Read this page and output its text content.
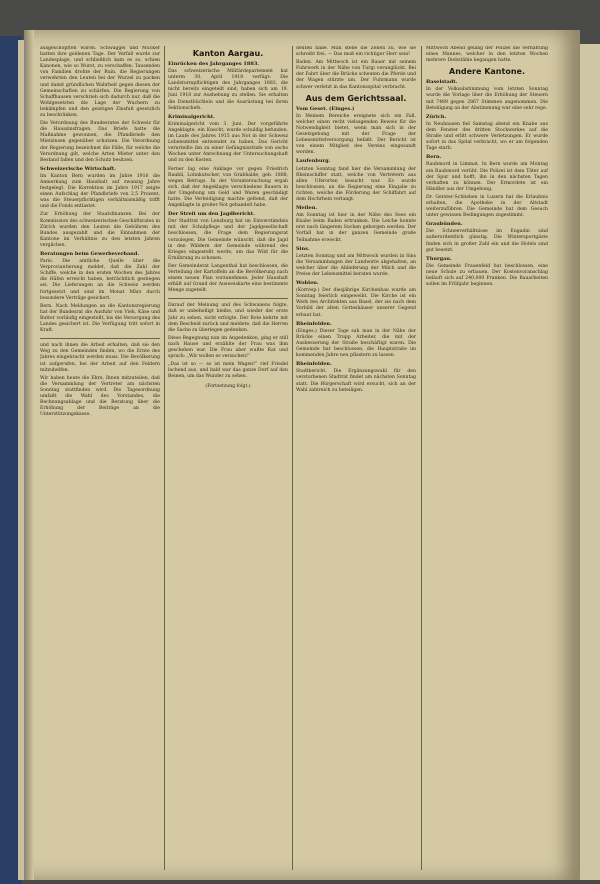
ausgeschöpften waren. Schwaggel und Mucker hatten ihre goldenen Tage. Der Verfall wurde zur Landesplage, und schließlich kam es so, schien Kanonen, wie so Wurst, zu verschaffen. Tausenden von Familien drohte der Ruin, die Regierungen verwehrten den Leuten bei der Wurzel zu packen und damit gründlichen Wahrheit gegen diesen der Gemeinschaften zu schärfen. Die Regierung von Schaffhausen verschrieb sich dadurch nur, daß die Wohlgesetzten die Lage der Wuchern zu bekämpfen und den geistigen Zinsfuß gesetzlich zu beschränken.

Die Verordnung des Bundesrates der Schweiz für die Hauszinsfragen. Das Briefe hatte die Maßnahme gewonnen, die Pfandbriefe den Mietzinsen gegenüber schutzen. Die Verordnung der Regierung bezeichnet die Fälle, für welche die Verordnung gilt, welche Arten Mieter unter den Bestand fallen und den Schutz besitzen.

Schweizerische Wirtschaft.

Im Kanton Bern wurden im Jahre 1916 die Anmerkung zum Haushalt auf zwanzig Jahre festgelegt. Die Korrektion im Jahre 1917 zeigte einen Aufschlag der Pfandbriefe von 2,5 Prozent, was die Steuerpflichtigen verhältnismäßig trifft und die Fonds entlastet.

Zur Erhöhung der Staatsfinanzen. Bei der Kommission des schweizerischen Geschäftsrates in Zürich wurden den Leuten die Gebühren des Bundes ausgezahlt und die Einnahmen der Kantone im Verhältnis zu den letzten Jahren verglichen.

Beratungen beim Gewerbeverband.

Paris. Die amtliche Quelle über die Verproviantierung meldet, daß die Zahl der Schiffe, welche in den ersten Wochen des Jahres die Häfen erreicht haben, beträchtlich gestiegen sei. Die Lieferungen an die Schweiz werden fortgesetzt und sind im Monat März durch besondere Verträge gesichert.

Bern. Nach Meldungen an die Kantonsregierung hat der Bundesrat die Ausfuhr von Vieh, Käse und Butter vorläufig eingestellt, bis die Versorgung des Landes gesichert ist. Die Verfügung tritt sofort in Kraft.

und nach ihnen die Arbeit erhalten, daß sie den Weg zu den Gemeinden finden, wo die Ernte des Jahres eingebracht werden muss. Die Bevölkerung ist aufgerufen, bei der Arbeit auf den Feldern mitzuhelfen.

Wir haben heute die Ehre, Ihnen mitzuteilen, daß die Versammlung der Vertreter am nächsten Sonntag stattfinden wird. Die Tagesordnung umfaßt die Wahl des Vorstandes, die Rechnungsablage und die Beratung über die Erhöhung der Beiträge an die Unterstützungskasse.

Kanton Aargau.

Einrücken des Jahrganges 1883.

Das schweizerische Militärdepartement hat unterm 30. April 1918 verfügt: Die Landsturmpflichtigen des Jahrganges 1883, die nicht bereits eingeteilt sind, haben sich am 19. Juni 1918 zur Aushebung zu stellen. Sie erhalten die Dienstbüchlein und die Ausrüstung bei ihren Sektionschefs.

Kriminalgericht.

Kriminalgericht vom 3. Juni. Der vorgeführte Angeklagte, ein Knecht, wurde schuldig befunden, im Laufe des Jahres 1915 aus Not in der Schweiz Lebensmittel entwendet zu haben. Das Gericht verurteilte ihn zu einer Gefängnisstrafe von sechs Wochen unter Anrechnung der Untersuchungshaft und zu den Kosten.

Ferner lag eine Anklage vor gegen Friedrich Raubli, Lohnkutscher, von Grabhalde, geb. 1888, wegen Betrugs. In der Voruntersuchung ergab sich, daß der Angeklagte verschiedene Bauern in der Umgebung um Geld und Waren geschädigt hatte. Die Verteidigung machte geltend, daß der Angeklagte in großer Not gehandelt habe.

Der Streit um den Jagdbericht.

Der Stadtrat von Lenzburg hat im Einverständnis mit der Schulpflege und der Jagdgesellschaft beschlossen, die Frage dem Regierungsrat vorzulegen. Die Gemeinde wünscht, daß die Jagd in den Wäldern der Gemeinde während des Krieges eingestellt werde, um das Wild für die Ernährung zu schonen.

Der Gemeinderat Langenthal hat beschlossen, die Verteilung der Kartoffeln an die Bevölkerung nach einem neuen Plan vorzunehmen. Jeder Haushalt erhält auf Grund der Ausweiskarte eine bestimmte Menge zugeteilt.

Darauf der Meinung und des Schwanens folgte, daß er unbehelligt bleibe, und wieder der erste Jahr zu sehen, nicht erfolgte. Der Bote kehrte mit dem Bescheid zurück und meldete, daß die Herren die Sache zu überlegen gedenken.

Diese Begegnung nun im Angedenken, ging er still nach Hause und erzählte der Frau was ihm geschehen war. Die Frau aber wußte Rat und sprach: „Wir wollen es versuchen!“

„Das ist so — so ist mein Wagen!“ rief Friedel lachend aus, und bald war das ganze Dorf auf den Beinen, um das Wunder zu sehen.

(Fortsetzung folgt.)

deuten habe. Man stelle die Zeilen zu, wie sie schreibt frei. — Das muß ein richtiger Herr sein!

Baden. Am Mittwoch ist ein Bauer mit seinem Fuhrwerk in der Nähe von Turgi verunglückt. Bei der Fahrt über die Brücke scheuten die Pferde und der Wagen stürzte um. Der Fuhrmann wurde schwer verletzt in das Kantonsspital verbracht.

Aus dem Gerichtssaal.

Vom Geset. (Einges.)

In Meinem Bereiche ereignete sich ein Fall, welcher einen recht vielsagenden Beweis für die Notwendigkeit bietet, wenn man sich in der Gesetzgebung mit der Frage der Lebensmittelversorgung befaßt. Der Bericht ist von einem Mitglied des Vereins eingesandt worden.

Laufenburg.

Letzten Sonntag fand hier die Versammlung der Rheinschiffer statt, welche von Vertretern aus allen Uferorten besucht war. Es wurde beschlossen, an die Regierung eine Eingabe zu richten, welche die Förderung der Schiffahrt auf dem Hochrhein verlangt.

Meilen.

Am Sonntag ist hier in der Nähe des Sees ein Knabe beim Baden ertrunken. Die Leiche konnte erst nach längerem Suchen geborgen werden. Der Vorfall hat in der ganzen Gemeinde große Teilnahme erweckt.

Sins.

Letzten Sonntag und am Mittwoch wurden in Sins die Versammlungen der Landwirte abgehalten, an welcher über die Ablieferung der Milch und die Preise der Lebensmittel beraten wurde.

Wohlen.

(Korresp.) Der diesjährige Kirchenbau wurde am Sonntag feierlich eingeweiht. Die Kirche ist ein Werk des Architekten aus Basel, der sie nach dem Vorbild der alten Gotteshäuser unserer Gegend erbaut hat.

Rheinfelden.

(Einges.) Dieser Tage sah man in der Nähe der Brücke einen Trupp Arbeiter, die mit der Ausbesserung der Straße beschäftigt waren. Die Gemeinde hat beschlossen, die Hauptstraße im kommenden Jahre neu pflastern zu lassen.

Rheinfelden.

Stadtbericht. Die Ergänzungswahl für den verstorbenen Stadtrat findet am nächsten Sonntag statt. Die Bürgerschaft wird ersucht, sich an der Wahl zahlreich zu beteiligen.

Mittwoch Abend gelang der Polizei die Verhaftung eines Mannes, welcher in den letzten Wochen mehrere Diebstähle begangen hatte.

Andere Kantone.

Baselstadt.

In der Volksabstimmung vom letzten Sonntag wurde die Vorlage über die Erhöhung der Steuern mit 7489 gegen 2867 Stimmen angenommen. Die Beteiligung an der Abstimmung war eine sehr rege.

Zürich.

In Neuhausen fiel Samstag abend ein Knabe aus dem Fenster des dritten Stockwerkes auf die Straße und erlitt schwere Verletzungen. Er wurde sofort in das Spital verbracht, wo er am folgenden Tage starb.

Bern.

Raubmord in Limmat. In Bern wurde am Montag ein Raubmord verübt. Die Polizei ist dem Täter auf der Spur und hofft, ihn in den nächsten Tagen verhaften zu können. Der Ermordete ist ein Händler aus der Umgebung.

Dr. Gerster-Schlieben in Luzern hat die Erlaubnis erhalten, die Apotheke in der Altstadt weiterzuführen. Die Gemeinde hat dem Gesuch unter gewissen Bedingungen zugestimmt.

Graubünden.

Die Schneeverhältnisse im Engadin sind außerordentlich günstig. Die Wintersportgäste finden sich in großer Zahl ein und die Hotels sind gut besetzt.

Thurgau.

Die Gemeinde Frauenfeld hat beschlossen, eine neue Schule zu erbauen. Der Kostenvoranschlag beläuft sich auf 240,000 Franken. Die Bauarbeiten sollen im Frühjahr beginnen.
